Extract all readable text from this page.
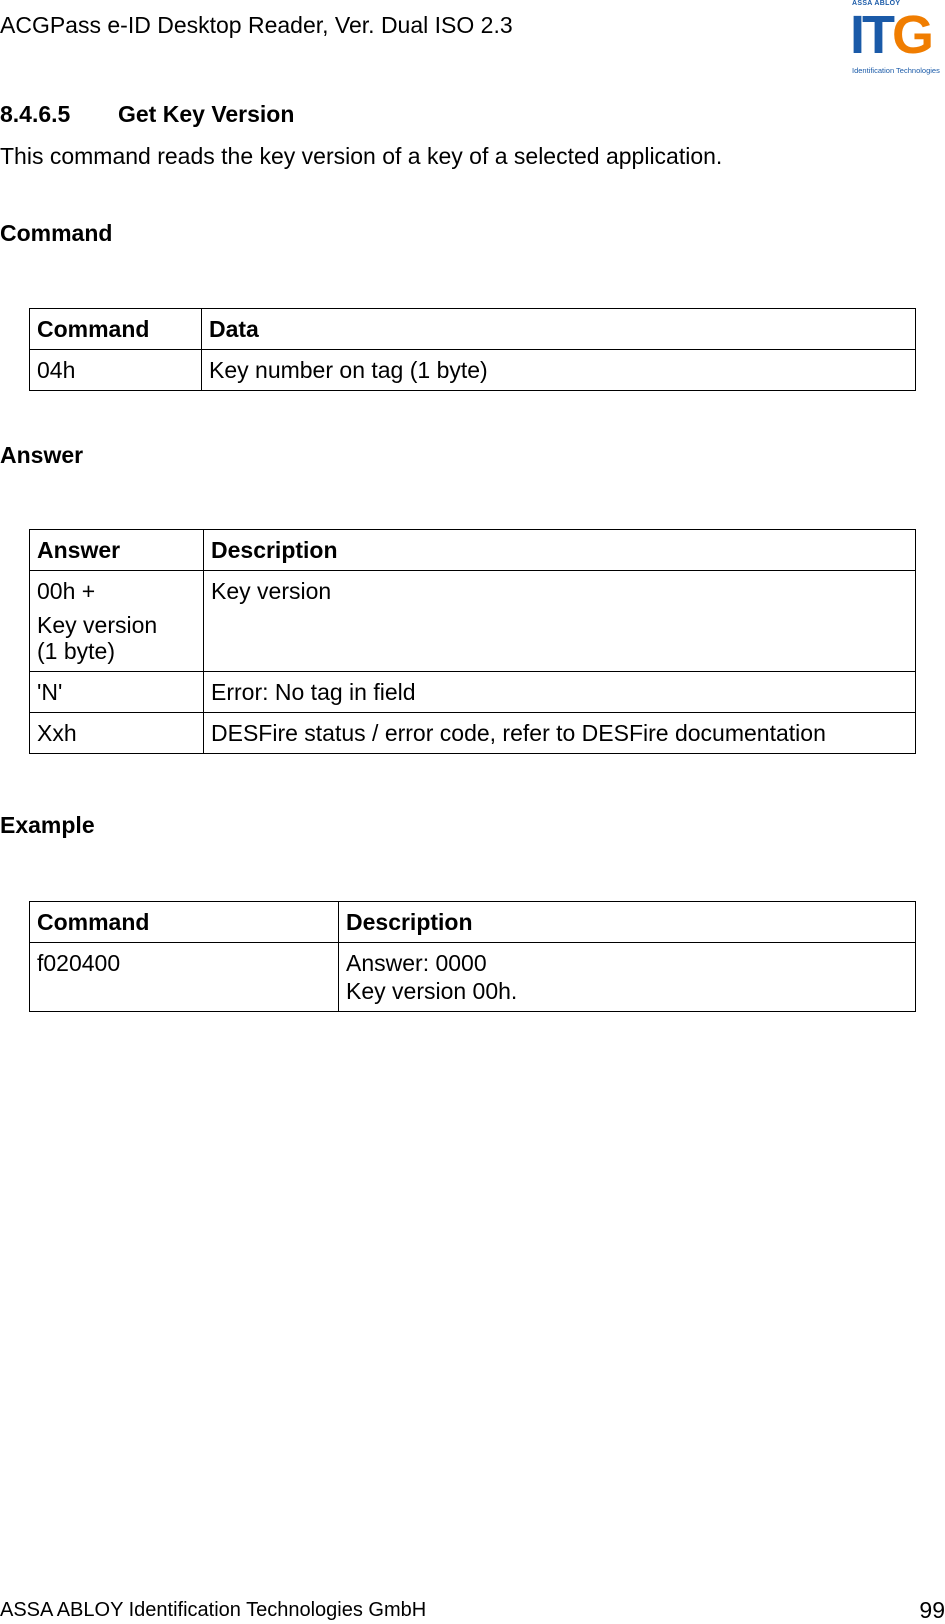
ACGPass e-ID Desktop Reader, Ver. Dual ISO 2.3
ASSA ABLOY
ITG
Identification Technologies
8.4.6.5 Get Key Version
This command reads the key version of a key of a selected application.
Command
Command	Data
04h	Key number on tag (1 byte)
Answer
Answer	Description

00h +
Key version
(1 byte)	Key version
'N'	Error: No tag in field
Xxh	DESFire status / error code, refer to DESFire documentation
Example
Command	Description
f020400	Answer: 0000
Key version 00h.
ASSA ABLOY Identification Technologies GmbH	99
